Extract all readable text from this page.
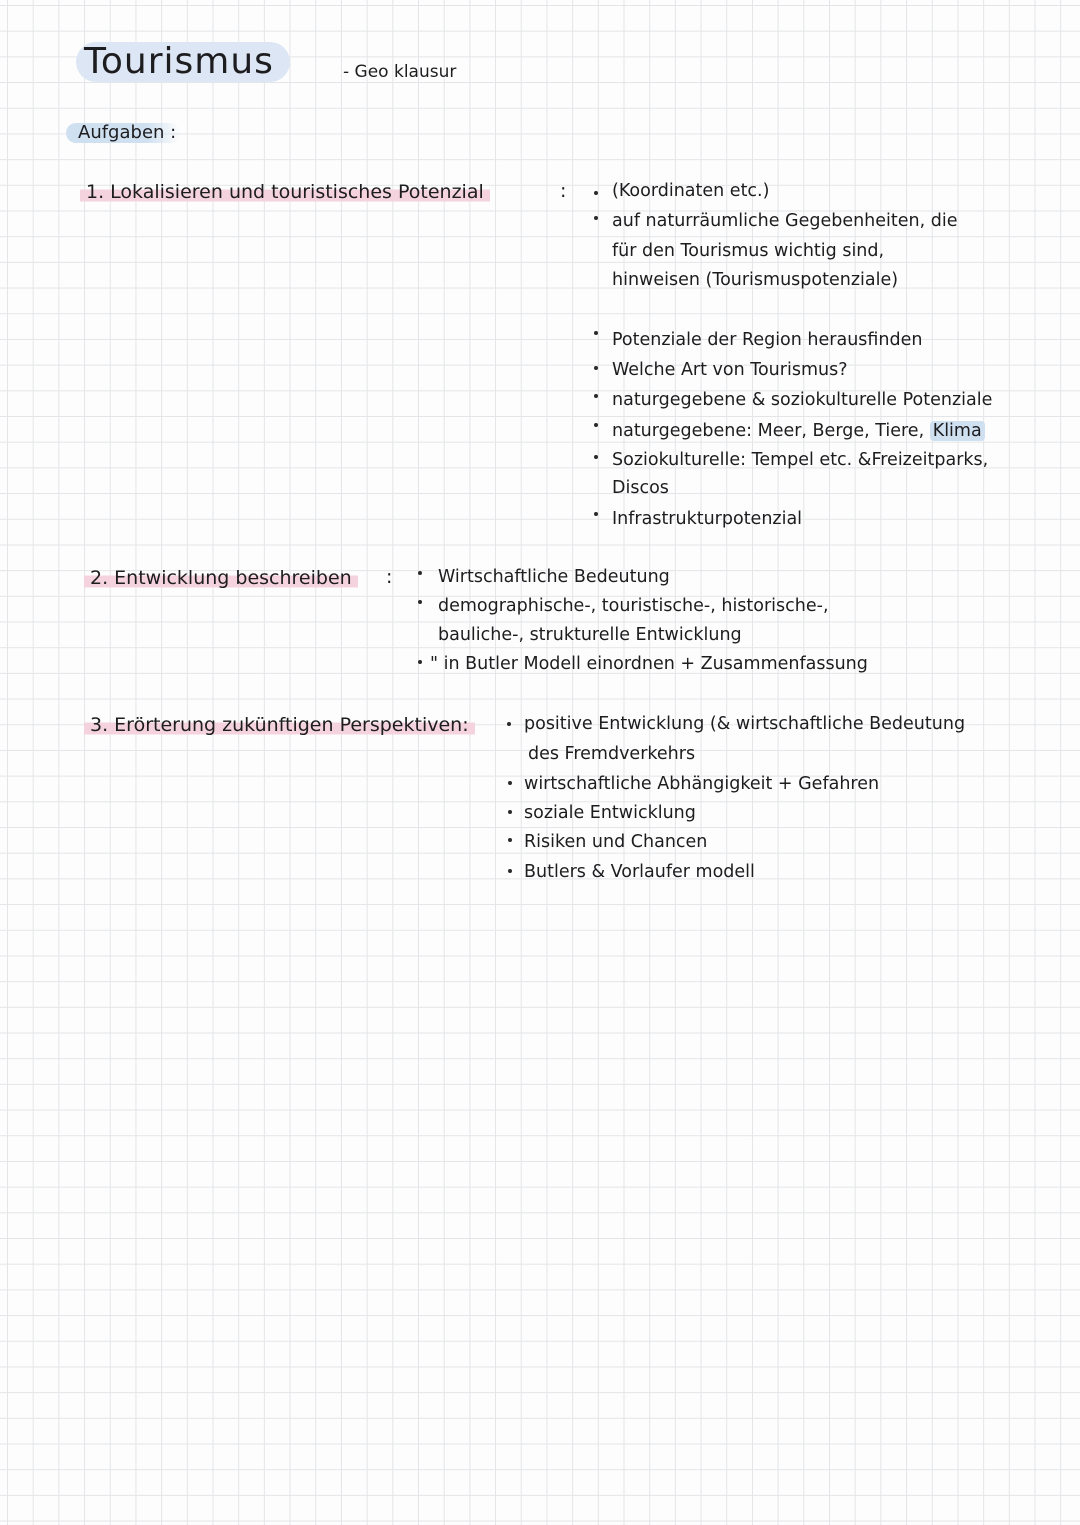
Tourismus	- Geo klausur
Aufgaben :
1. Lokalisieren und touristisches Potenzial	:	(Koordinaten etc.)
auf naturräumliche Gegebenheiten, die
für den Tourismus wichtig sind,
hinweisen (Tourismuspotenziale)
Potenziale der Region herausfinden
Welche Art von Tourismus?
naturgegebene & soziokulturelle Potenziale
naturgegebene: Meer, Berge, Tiere, Klima
Soziokulturelle: Tempel etc. &Freizeitparks,
Discos
Infrastrukturpotenzial
2. Entwicklung beschreiben	:	Wirtschaftliche Bedeutung
demographische-, touristische-, historische-,
bauliche-, strukturelle Entwicklung
" in Butler Modell einordnen + Zusammenfassung
3. Erörterung zukünftigen Perspektiven:	positive Entwicklung (& wirtschaftliche Bedeutung
des Fremdverkehrs
wirtschaftliche Abhängigkeit + Gefahren
soziale Entwicklung
Risiken und Chancen
Butlers & Vorlaufer modell
